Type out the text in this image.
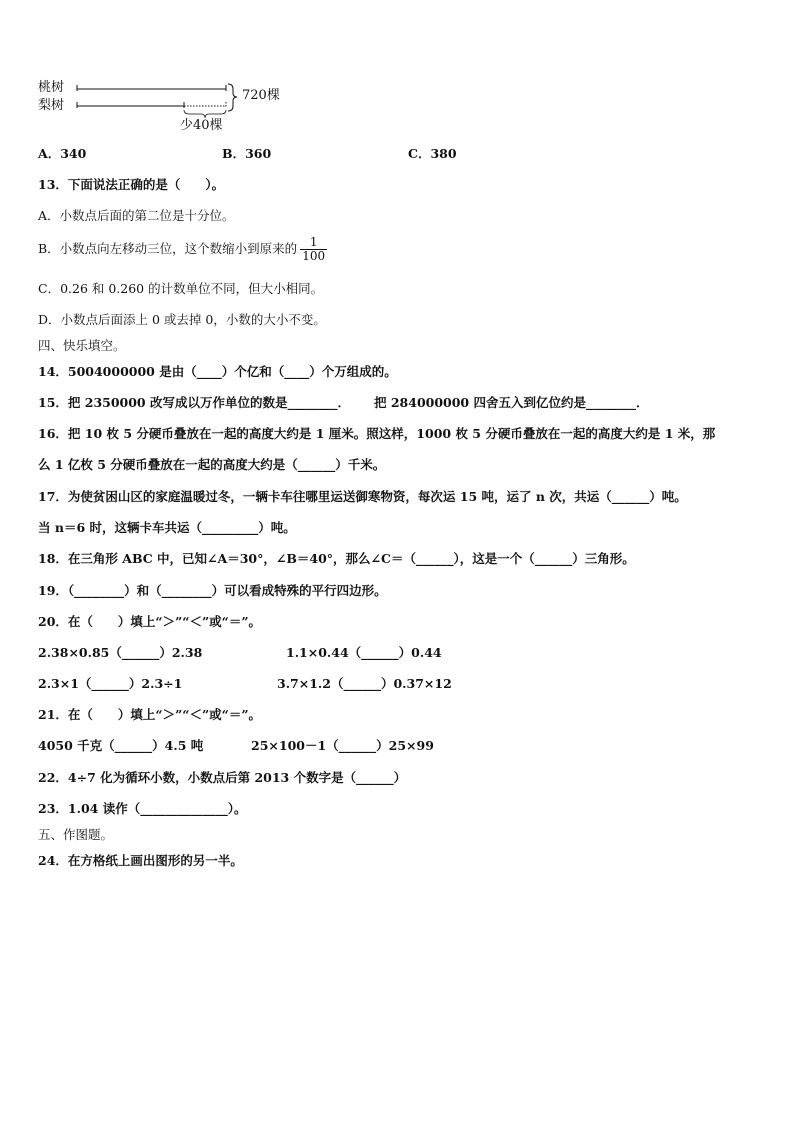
桃树
梨树
720棵
少40棵
A．340	B．360	C．380
13．下面说法正确的是（　　）。
A．小数点后面的第二位是十分位。
B．小数点向左移动三位，这个数缩小到原来的 $\frac{1}{100}$
C．0.26 和 0.260 的计数单位不同，但大小相同。
D．小数点后面添上 0 或去掉 0，小数的大小不变。
四、快乐填空。
14．5004000000 是由（____）个亿和（____）个万组成的。
15．把 2350000 改写成以万作单位的数是________． 把 284000000 四舍五入到亿位约是________．
16．把 10 枚 5 分硬币叠放在一起的高度大约是 1 厘米。照这样，1000 枚 5 分硬币叠放在一起的高度大约是 1 米，那
么 1 亿枚 5 分硬币叠放在一起的高度大约是（______）千米。
17．为使贫困山区的家庭温暖过冬，一辆卡车往哪里运送御寒物资，每次运 15 吨，运了 n 次，共运（______）吨。
当 n＝6 时，这辆卡车共运（_________）吨。
18．在三角形 ABC 中，已知∠A＝30°，∠B＝40°，那么∠C＝（______），这是一个（______）三角形。
19．（________）和（________）可以看成特殊的平行四边形。
20．在（　　）填上“＞”“＜”或“＝”。
2.38×0.85（______）2.38	1.1×0.44（______）0.44
2.3×1（______）2.3÷1	3.7×1.2（______）0.37×12
21．在（　　）填上“＞”“＜”或“＝”。
4050 千克（______）4.5 吨	25×100－1（______）25×99
22．4÷7 化为循环小数，小数点后第 2013 个数字是（______）
23．1.04 读作（______________）。
五、作图题。
24．在方格纸上画出图形的另一半。
